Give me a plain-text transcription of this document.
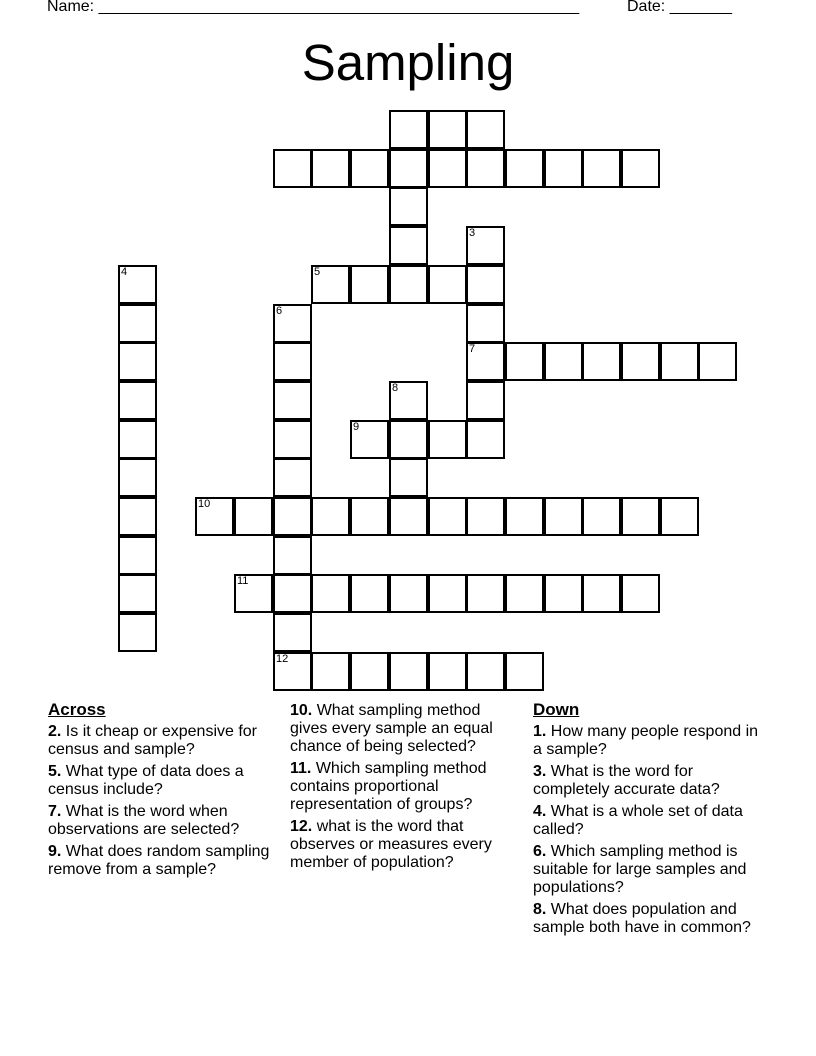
Name: ______________________________________________________	Date: _______
Sampling
3
4	5
6
7
8
9
10
11
12
Across
2. Is it cheap or expensive for census and sample?
5. What type of data does a census include?
7. What is the word when observations are selected?
9. What does random sampling remove from a sample?
10. What sampling method gives every sample an equal chance of being selected?
11. Which sampling method contains proportional representation of groups?
12. what is the word that observes or measures every member of population?
Down
1. How many people respond in a sample?
3. What is the word for completely accurate data?
4. What is a whole set of data called?
6. Which sampling method is suitable for large samples and populations?
8. What does population and sample both have in common?
